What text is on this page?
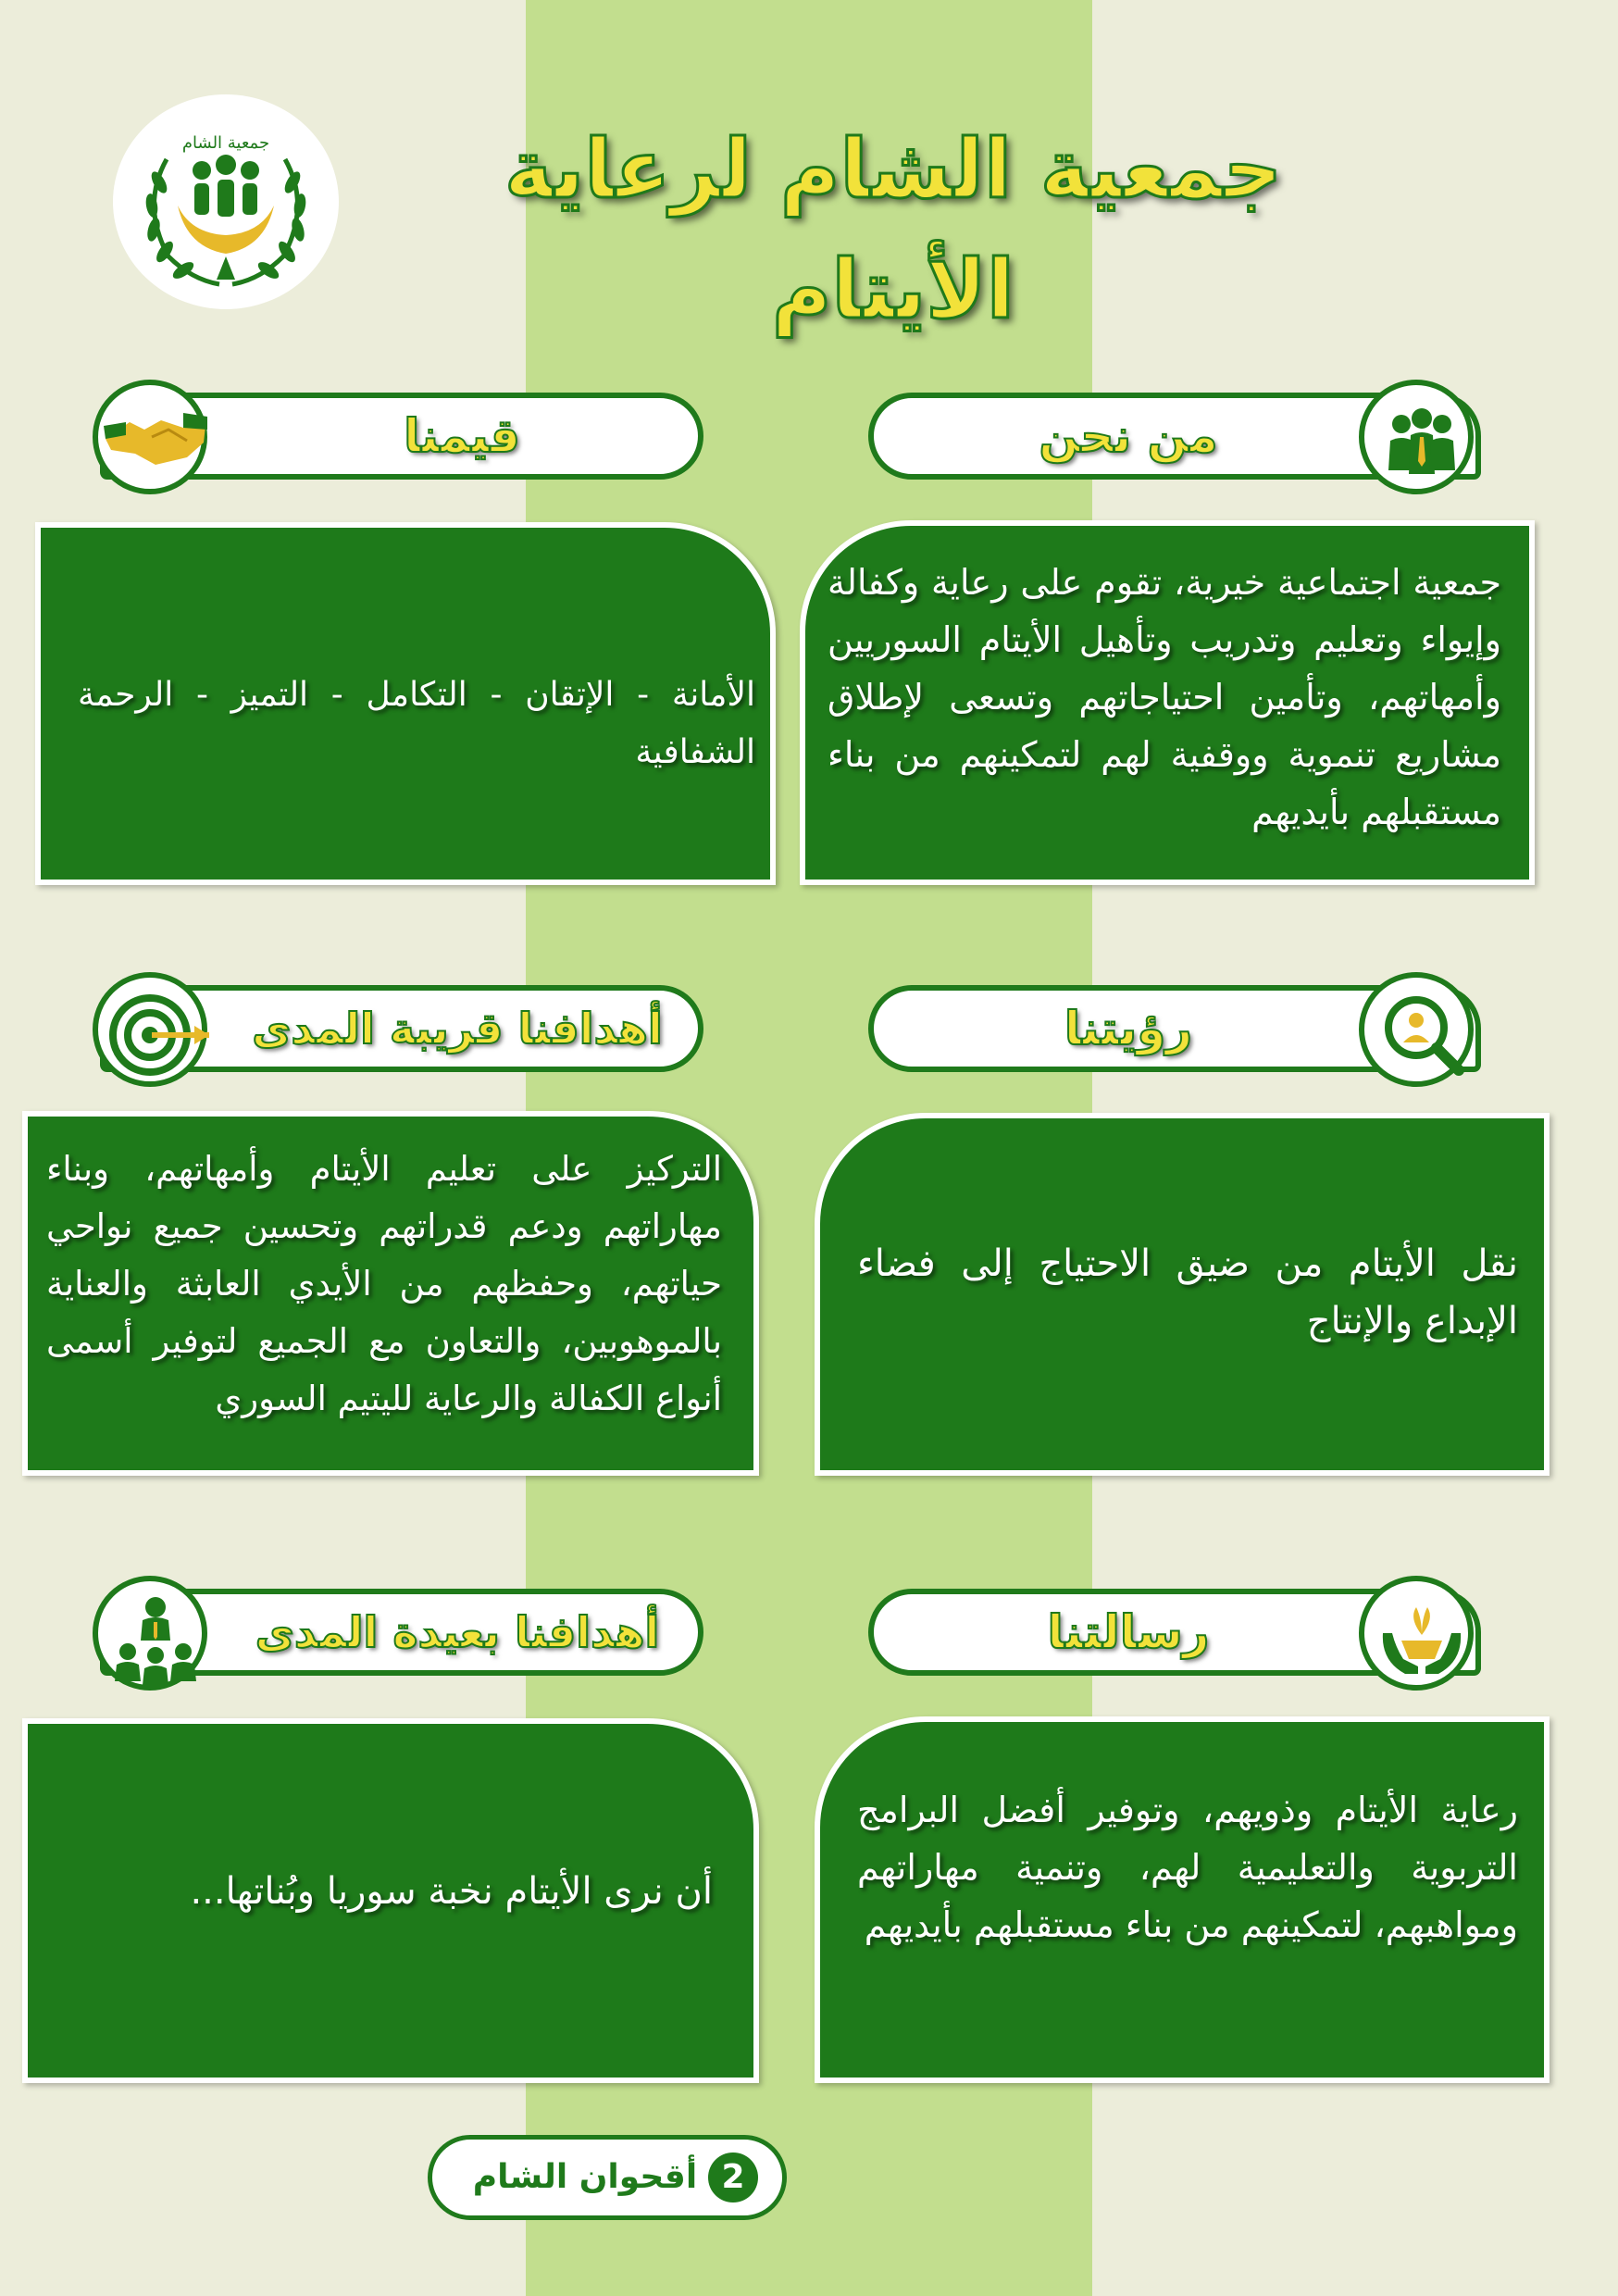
جمعية الشام	جمعية الشام لرعاية الأيتام
قيمنا
الأمانة - الإتقان - التكامل - التميز - الرحمة الشفافية
من نحن
جمعية اجتماعية خيرية، تقوم على رعاية وكفالة وإيواء وتعليم وتدريب وتأهيل الأيتام السوريين وأمهاتهم، وتأمين احتياجاتهم وتسعى لإطلاق مشاريع تنموية ووقفية لهم لتمكينهم من بناء مستقبلهم بأيديهم
أهدافنا قريبة المدى
التركيز على تعليم الأيتام وأمهاتهم، وبناء مهاراتهم ودعم قدراتهم وتحسين جميع نواحي حياتهم، وحفظهم من الأيدي العابثة والعناية بالموهوبين، والتعاون مع الجميع لتوفير أسمى أنواع الكفالة والرعاية لليتيم السوري
رؤيتنا
نقل الأيتام من ضيق الاحتياج إلى فضاء الإبداع والإنتاج
أهدافنا بعيدة المدى
أن نرى الأيتام نخبة سوريا وبُناتها...
رسالتنا
رعاية الأيتام وذويهم، وتوفير أفضل البرامج التربوية والتعليمية لهم، وتنمية مهاراتهم ومواهبهم، لتمكينهم من بناء مستقبلهم بأيديهم
2
أقحوان الشام
